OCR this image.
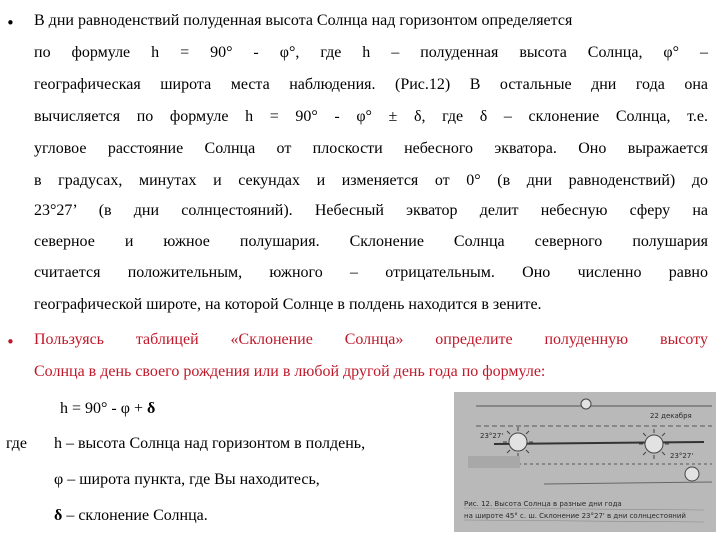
• В дни равноденствий полуденная высота Солнца над горизонтом определяется
по формуле h = 90° - φ°, где h – полуденная высота Солнца, φ° –
географическая широта места наблюдения. (Рис.12) В остальные дни года она
вычисляется по формуле h = 90° - φ° ± δ, где δ – склонение Солнца, т.е.
угловое расстояние Солнца от плоскости небесного экватора. Оно выражается
в градусах, минутах и секундах и изменяется от 0° (в дни равноденствий) до
23°27’ (в дни солнцестояний). Небесный экватор делит небесную сферу на
северное и южное полушария. Склонение Солнца северного полушария
считается положительным, южного – отрицательным. Оно численно равно
географической широте, на которой Солнце в полдень находится в зените.
• Пользуясь таблицей «Склонение Солнца» определите полуденную высоту
Солнца в день своего рождения или в любой другой день года по формуле:
h = 90° - φ + δ
где h – высота Солнца над горизонтом в полдень,
φ – широта пункта, где Вы находитесь,
δ – склонение Солнца.
22 декабря
23°27'
23°27'
Рис. 12. Высота Солнца в разные дни года
на широте 45° с. ш. Склонение 23°27' в дни солнцестояний
